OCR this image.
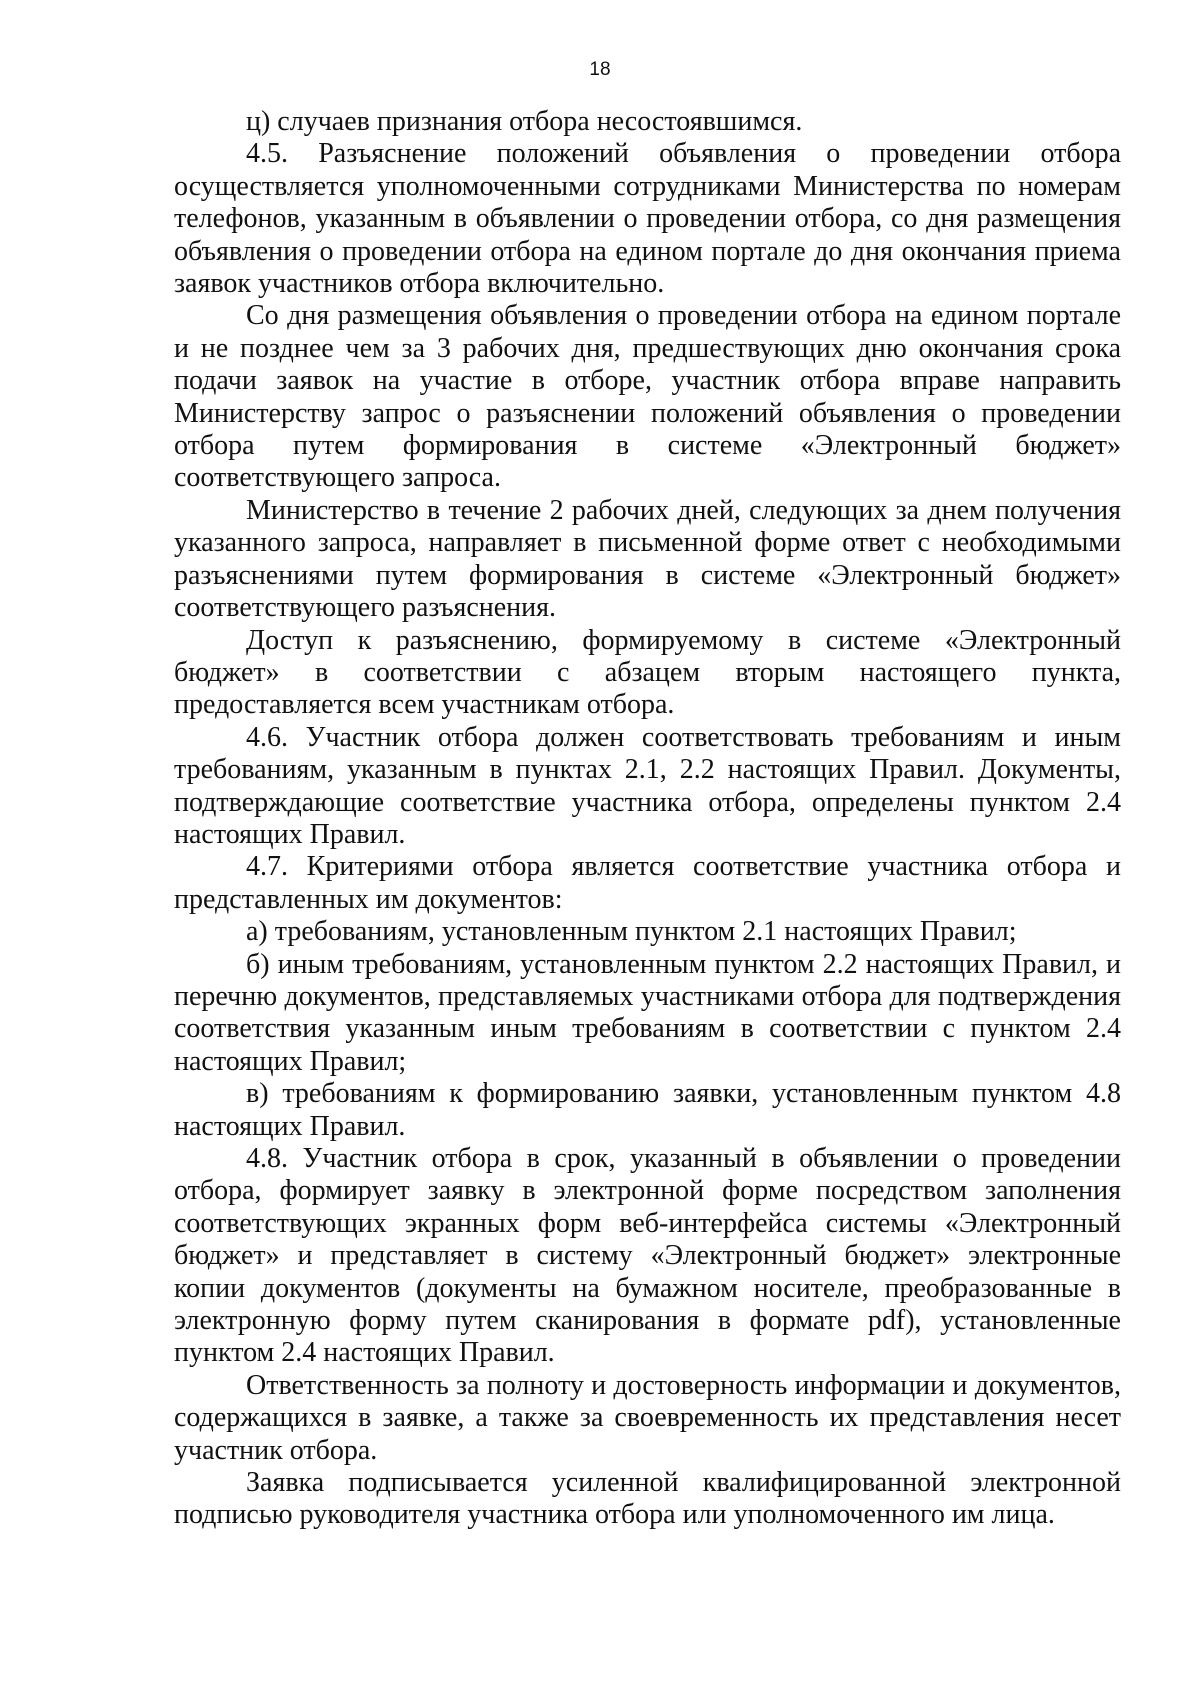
18

ц) случаев признания отбора несостоявшимся.

4.5. Разъяснение положений объявления о проведении отбора осуществляется уполномоченными сотрудниками Министерства по номерам телефонов, указанным в объявлении о проведении отбора, со дня размещения объявления о проведении отбора на едином портале до дня окончания приема заявок участников отбора включительно.

Со дня размещения объявления о проведении отбора на едином портале и не позднее чем за 3 рабочих дня, предшествующих дню окончания срока подачи заявок на участие в отборе, участник отбора вправе направить Министерству запрос о разъяснении положений объявления о проведении отбора путем формирования в системе «Электронный бюджет» соответствующего запроса.

Министерство в течение 2 рабочих дней, следующих за днем получения указанного запроса, направляет в письменной форме ответ с необходимыми разъяснениями путем формирования в системе «Электронный бюджет» соответствующего разъяснения.

Доступ к разъяснению, формируемому в системе «Электронный бюджет» в соответствии с абзацем вторым настоящего пункта, предоставляется всем участникам отбора.

4.6. Участник отбора должен соответствовать требованиям и иным требованиям, указанным в пунктах 2.1, 2.2 настоящих Правил. Документы, подтверждающие соответствие участника отбора, определены пунктом 2.4 настоящих Правил.

4.7. Критериями отбора является соответствие участника отбора и представленных им документов:

а) требованиям, установленным пунктом 2.1 настоящих Правил;

б) иным требованиям, установленным пунктом 2.2 настоящих Правил, и перечню документов, представляемых участниками отбора для подтверждения соответствия указанным иным требованиям в соответствии с пунктом 2.4 настоящих Правил;

в) требованиям к формированию заявки, установленным пунктом 4.8 настоящих Правил.

4.8. Участник отбора в срок, указанный в объявлении о проведении отбора, формирует заявку в электронной форме посредством заполнения соответствующих экранных форм веб-интерфейса системы «Электронный бюджет» и представляет в систему «Электронный бюджет» электронные копии документов (документы на бумажном носителе, преобразованные в электронную форму путем сканирования в формате pdf), установленные пунктом 2.4 настоящих Правил.

Ответственность за полноту и достоверность информации и документов, содержащихся в заявке, а также за своевременность их представления несет участник отбора.

Заявка подписывается усиленной квалифицированной электронной подписью руководителя участника отбора или уполномоченного им лица.
